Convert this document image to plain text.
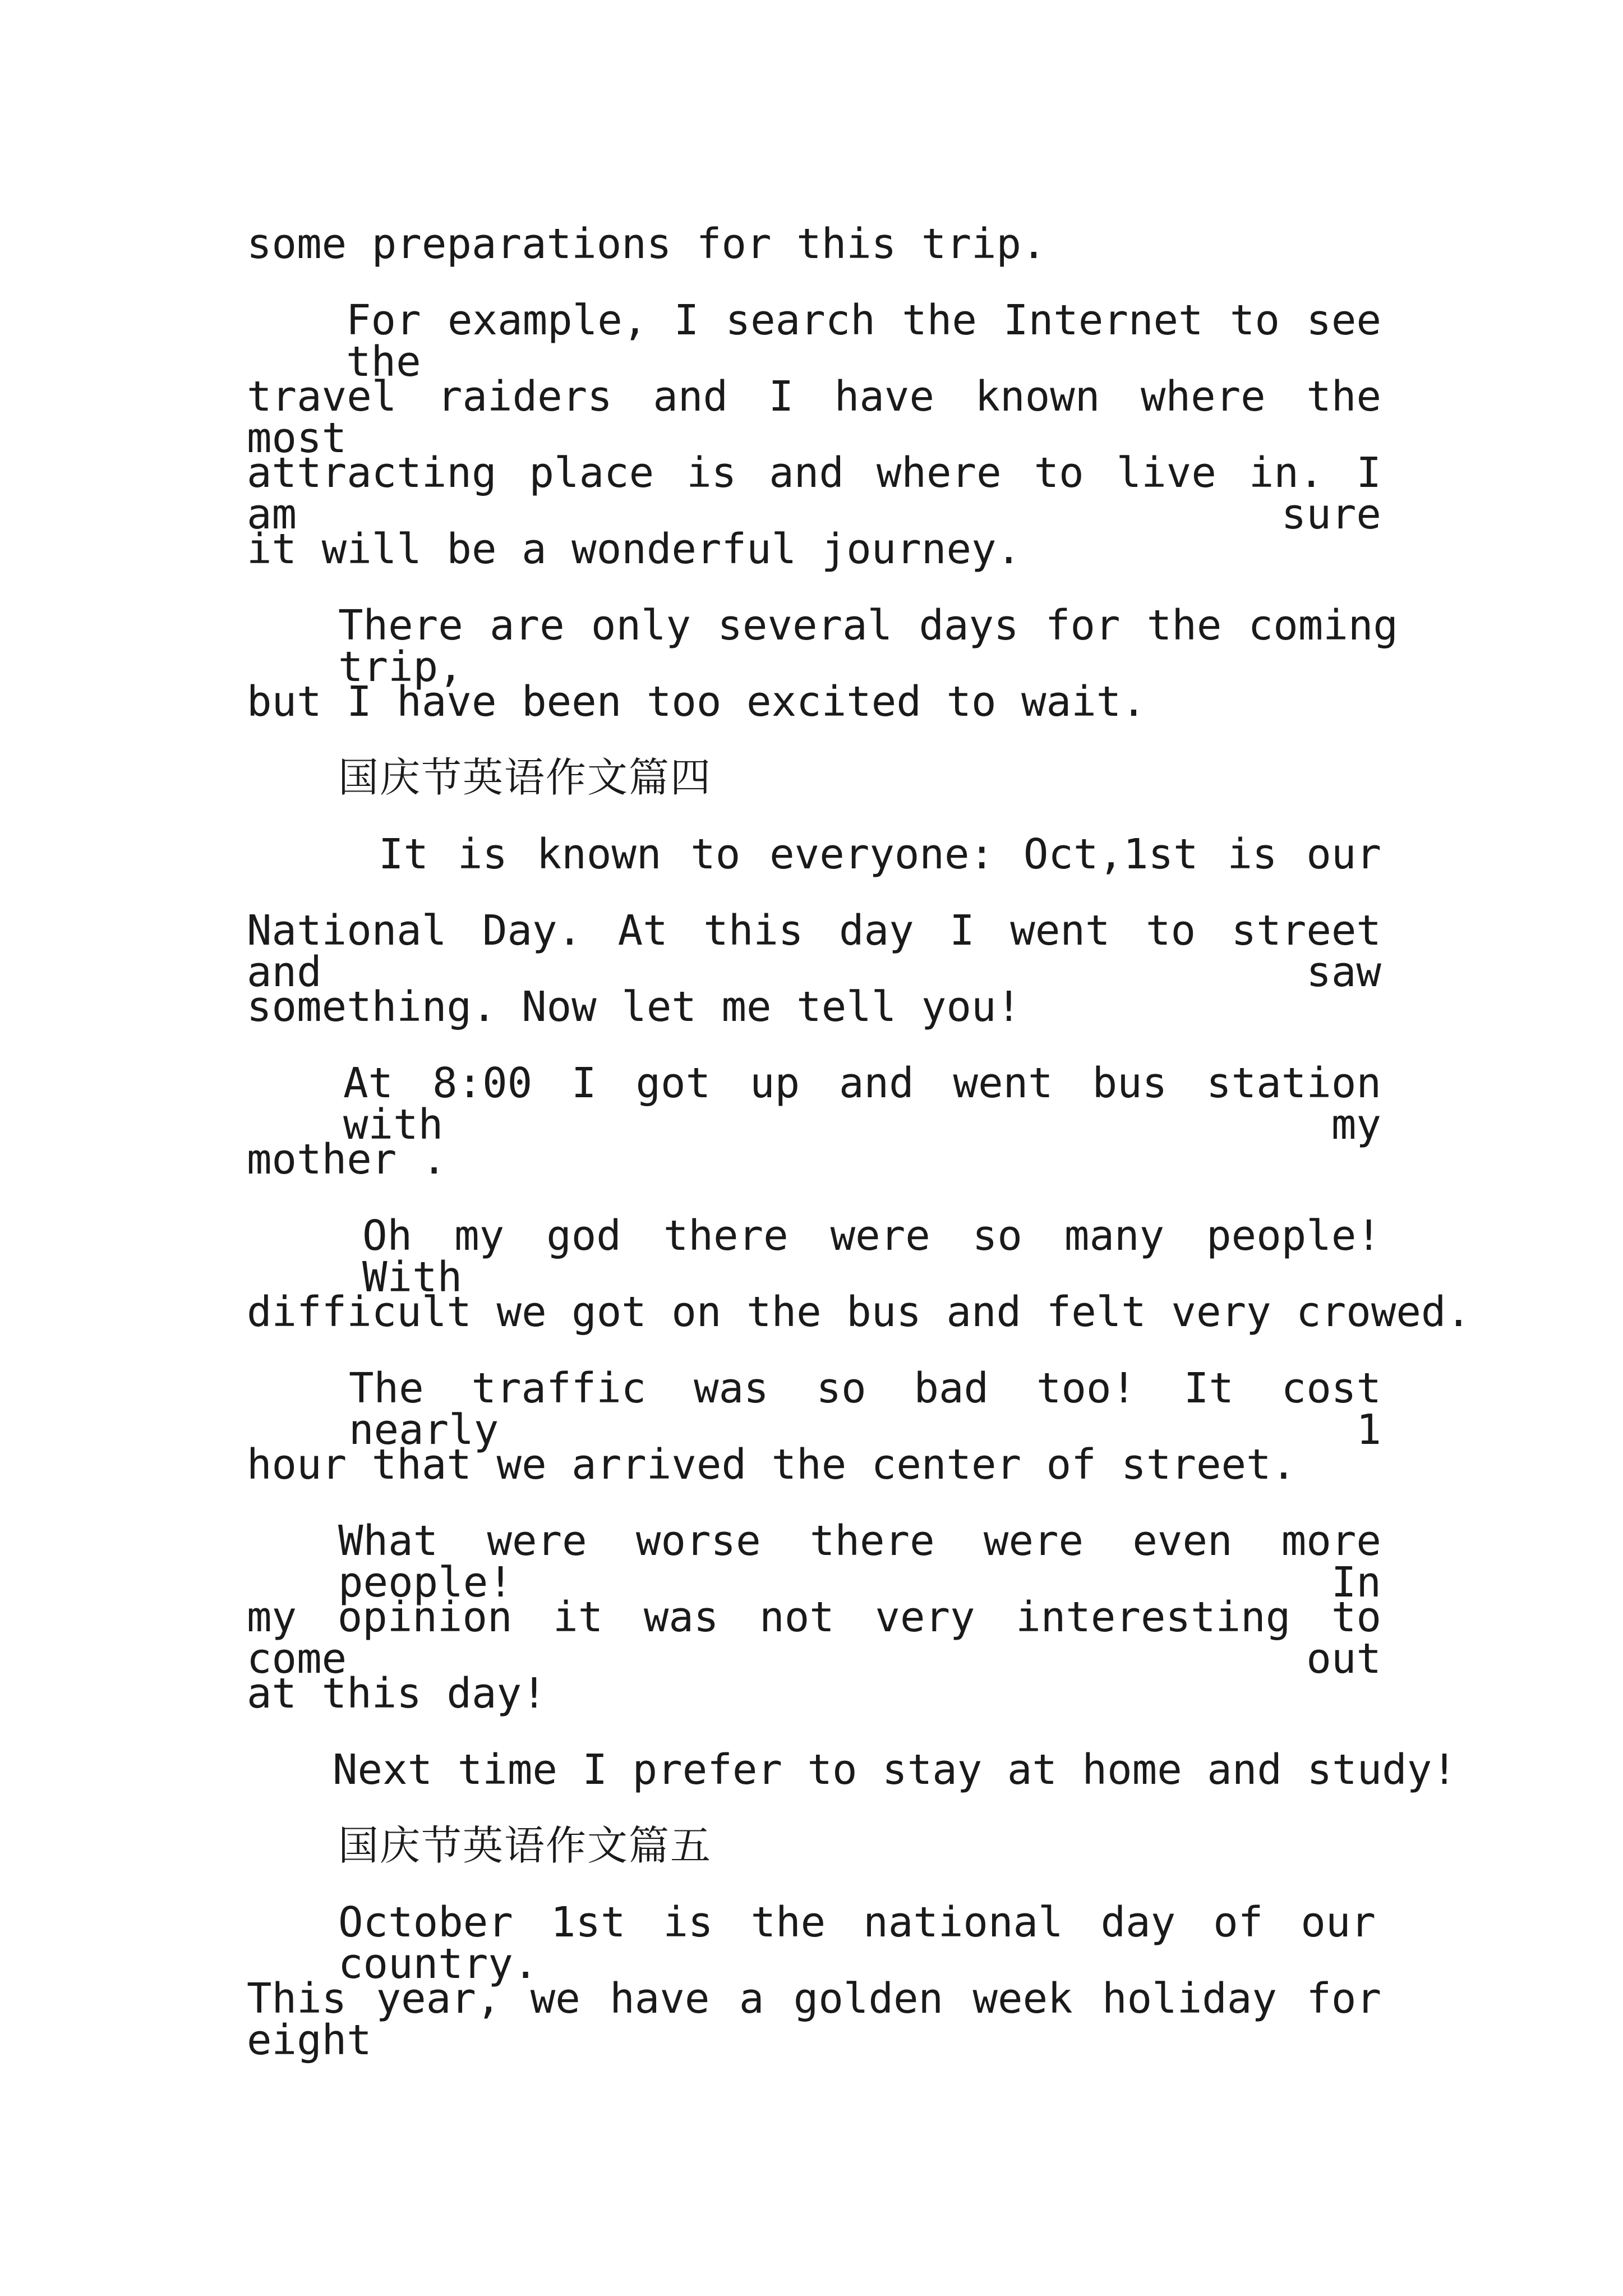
some preparations for this trip.

For example, I search the Internet to see the

travel raiders and I have known where the most

attracting place is and where to live in. I am sure

it will be a wonderful journey.

There are only several days for the coming trip,

but I have been too excited to wait.

国庆节英语作文篇四

It is known to everyone: Oct,1st is our

National Day. At this day I went to street and saw

something. Now let me tell you!

At 8:00 I got up and went bus station with my

mother .

Oh my god there were so many people! With

difficult we got on the bus and felt very crowed.

The traffic was so bad too! It cost nearly 1

hour that we arrived the center of street.

What were worse there were even more people! In

my opinion it was not very interesting to come out

at this day!

Next time I prefer to stay at home and study!

国庆节英语作文篇五

October 1st is the national day of our country.

This year, we have a golden week holiday for eight
